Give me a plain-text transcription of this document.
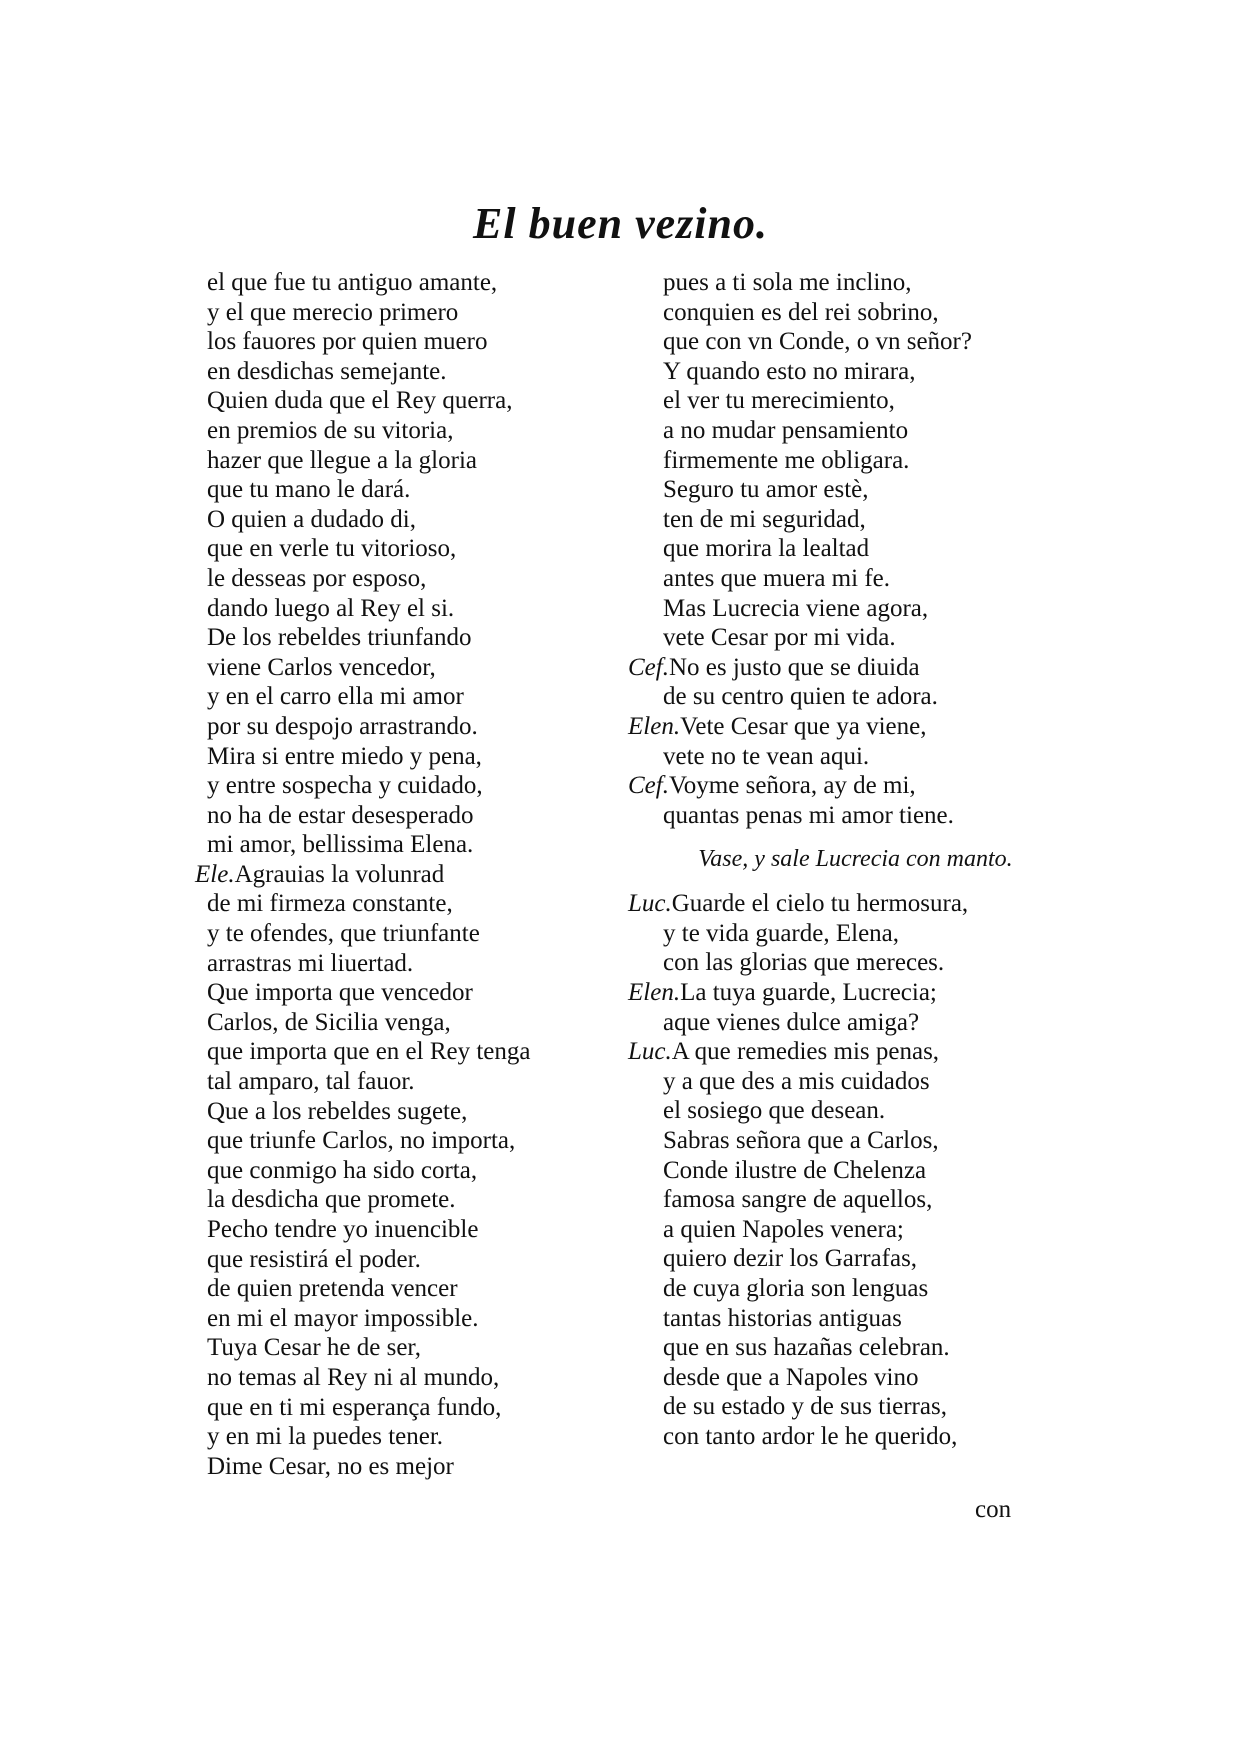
El buen vezino.
el que fue tu antiguo amante,
y el que merecio primero
los fauores por quien muero
en desdichas semejante.
Quien duda que el Rey querra,
en premios de su vitoria,
hazer que llegue a la gloria
que tu mano le dará.
O quien a dudado di,
que en verle tu vitorioso,
le desseas por esposo,
dando luego al Rey el si.
De los rebeldes triunfando
viene Carlos vencedor,
y en el carro ella mi amor
por su despojo arrastrando.
Mira si entre miedo y pena,
y entre sospecha y cuidado,
no ha de estar desesperado
mi amor, bellissima Elena.
Ele.Agrauias la volunrad
de mi firmeza constante,
y te ofendes, que triunfante
arrastras mi liuertad.
Que importa que vencedor
Carlos, de Sicilia venga,
que importa que en el Rey tenga
tal amparo, tal fauor.
Que a los rebeldes sugete,
que triunfe Carlos, no importa,
que conmigo ha sido corta,
la desdicha que promete.
Pecho tendre yo inuencible
que resistirá el poder.
de quien pretenda vencer
en mi el mayor impossible.
Tuya Cesar he de ser,
no temas al Rey ni al mundo,
que en ti mi esperança fundo,
y en mi la puedes tener.
Dime Cesar, no es mejor
pues a ti sola me inclino,
conquien es del rei sobrino,
que con vn Conde, o vn señor?
Y quando esto no mirara,
el ver tu merecimiento,
a no mudar pensamiento
firmemente me obligara.
Seguro tu amor estè,
ten de mi seguridad,
que morira la lealtad
antes que muera mi fe.
Mas Lucrecia viene agora,
vete Cesar por mi vida.
Cef.No es justo que se diuida
de su centro quien te adora.
Elen.Vete Cesar que ya viene,
vete no te vean aqui.
Cef.Voyme señora, ay de mi,
quantas penas mi amor tiene.
Vase, y sale Lucrecia con manto.
Luc.Guarde el cielo tu hermosura,
y te vida guarde, Elena,
con las glorias que mereces.
Elen.La tuya guarde, Lucrecia;
aque vienes dulce amiga?
Luc.A que remedies mis penas,
y a que des a mis cuidados
el sosiego que desean.
Sabras señora que a Carlos,
Conde ilustre de Chelenza
famosa sangre de aquellos,
a quien Napoles venera;
quiero dezir los Garrafas,
de cuya gloria son lenguas
tantas historias antiguas
que en sus hazañas celebran.
desde que a Napoles vino
de su estado y de sus tierras,
con tanto ardor le he querido,
con
